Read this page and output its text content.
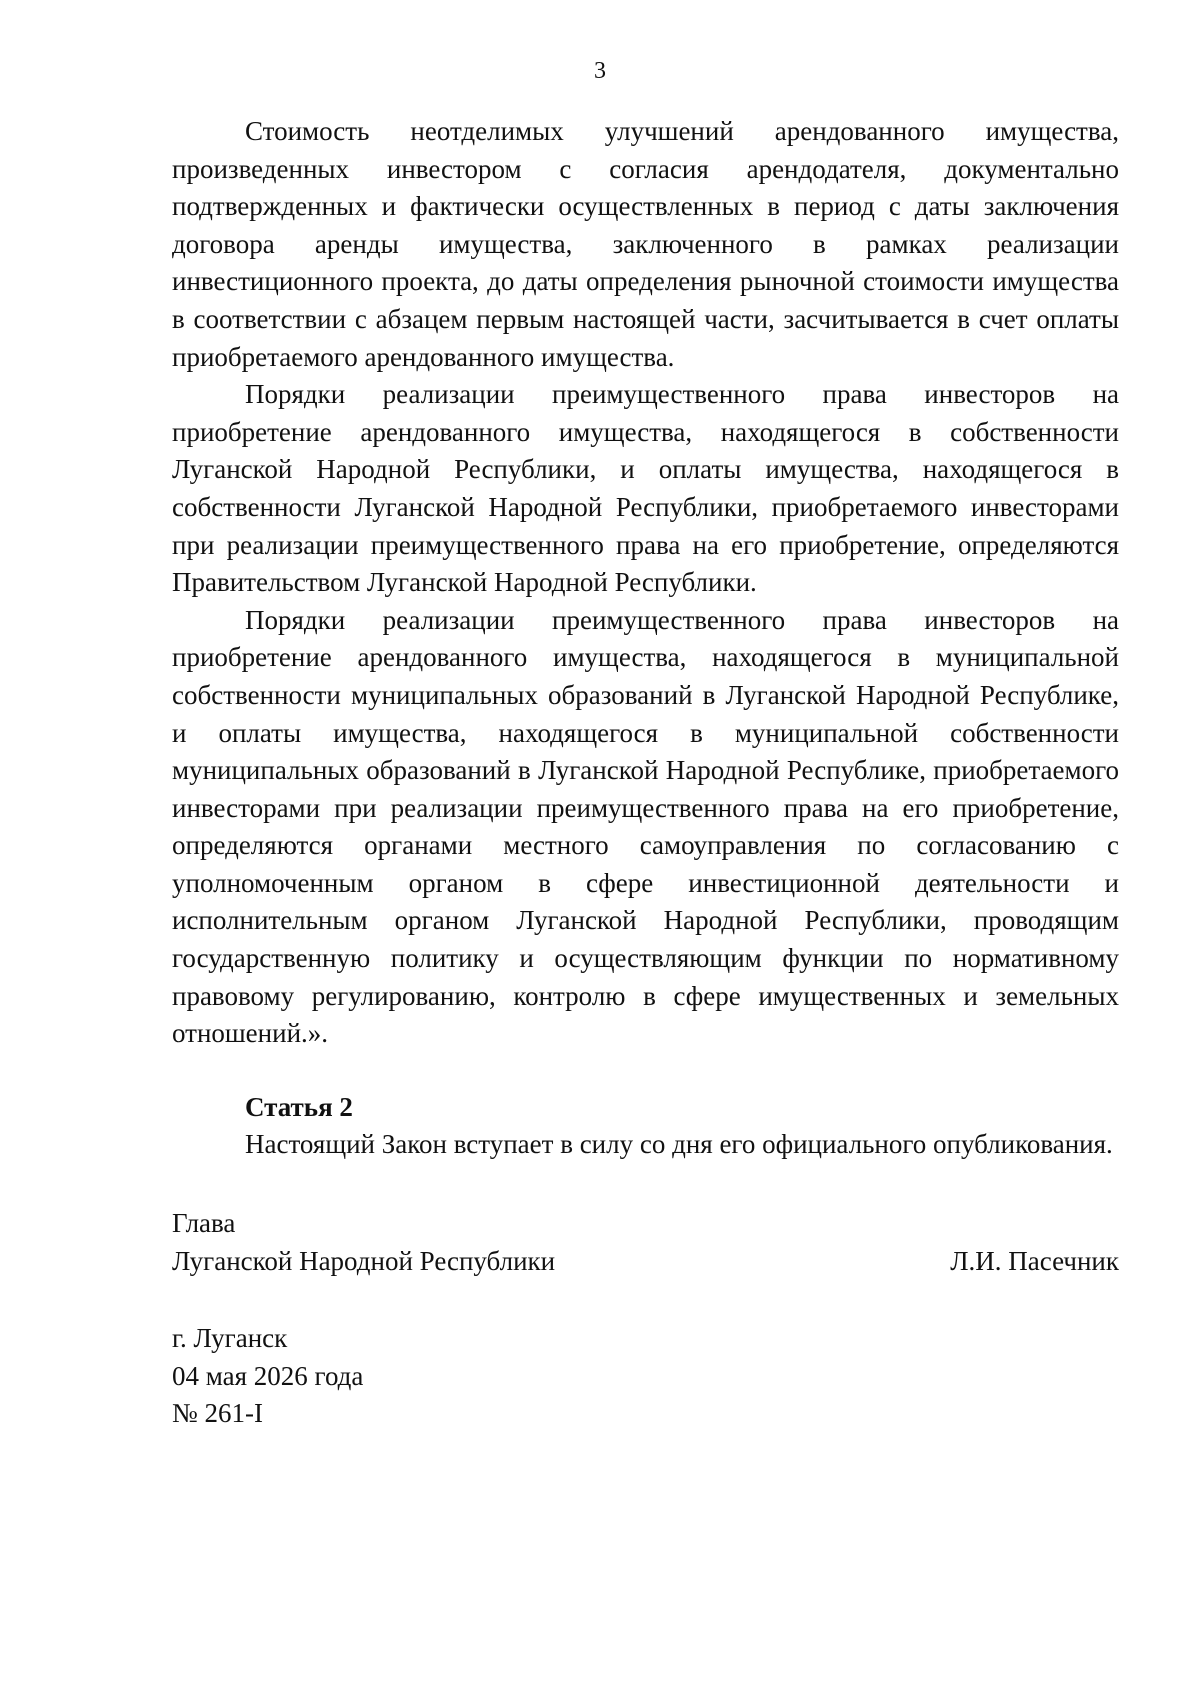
3

Стоимость неотделимых улучшений арендованного имущества, произведенных инвестором с согласия арендодателя, документально подтвержденных и фактически осуществленных в период с даты заключения договора аренды имущества, заключенного в рамках реализации инвестиционного проекта, до даты определения рыночной стоимости имущества в соответствии с абзацем первым настоящей части, засчитывается в счет оплаты приобретаемого арендованного имущества.

Порядки реализации преимущественного права инвесторов на приобретение арендованного имущества, находящегося в собственности Луганской Народной Республики, и оплаты имущества, находящегося в собственности Луганской Народной Республики, приобретаемого инвесторами при реализации преимущественного права на его приобретение, определяются Правительством Луганской Народной Республики.

Порядки реализации преимущественного права инвесторов на приобретение арендованного имущества, находящегося в муниципальной собственности муниципальных образований в Луганской Народной Республике, и оплаты имущества, находящегося в муниципальной собственности муниципальных образований в Луганской Народной Республике, приобретаемого инвесторами при реализации преимущественного права на его приобретение, определяются органами местного самоуправления по согласованию с уполномоченным органом в сфере инвестиционной деятельности и исполнительным органом Луганской Народной Республики, проводящим государственную политику и осуществляющим функции по нормативному правовому регулированию, контролю в сфере имущественных и земельных отношений.».

Статья 2

Настоящий Закон вступает в силу со дня его официального опубликования.

Глава
Луганской Народной Республики	Л.И. Пасечник
г. Луганск
04 мая 2026 года
№ 261-I
